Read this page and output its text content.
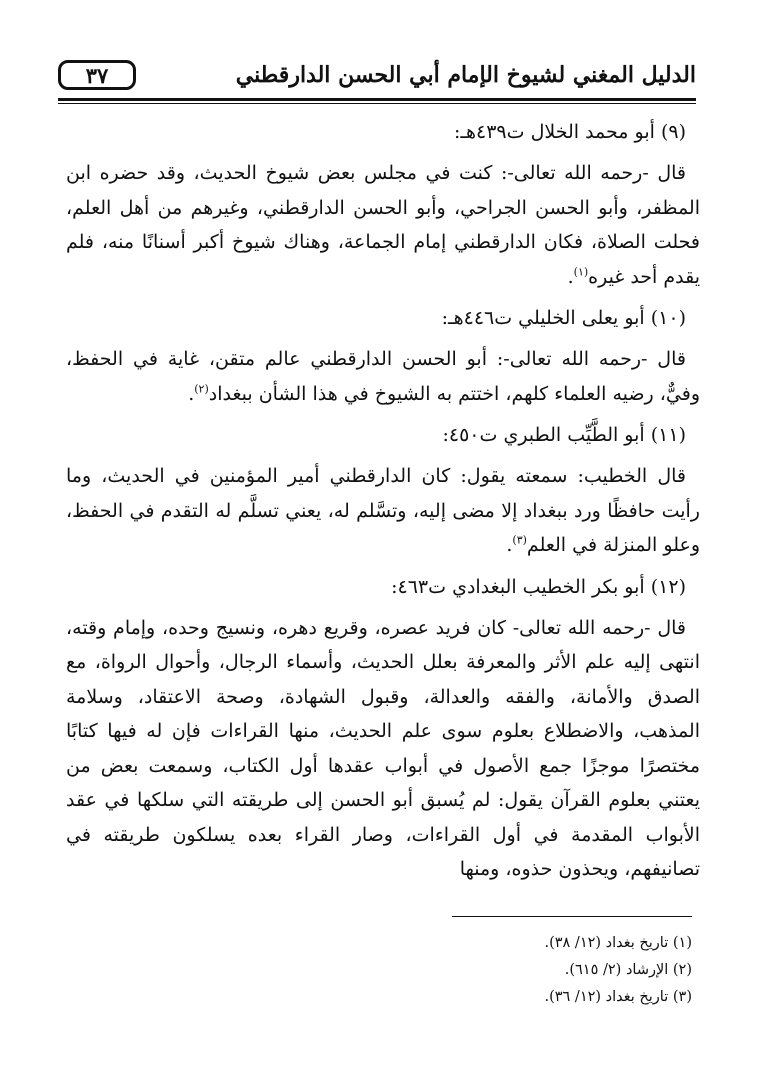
الدليل المغني لشيوخ الإمام أبي الحسن الدارقطني
٣٧
(٩) أبو محمد الخلال ت٤٣٩هـ:
قال -رحمه الله تعالى-: كنت في مجلس بعض شيوخ الحديث، وقد حضره ابن المظفر، وأبو الحسن الجراحي، وأبو الحسن الدارقطني، وغيرهم من أهل العلم، فحلت الصلاة، فكان الدارقطني إمام الجماعة، وهناك شيوخ أكبر أسنانًا منه، فلم يقدم أحد غيره$^{(١)}$.
(١٠) أبو يعلى الخليلي ت٤٤٦هـ:
قال -رحمه الله تعالى-: أبو الحسن الدارقطني عالم متقن، غاية في الحفظ، وفيٌّ، رضيه العلماء كلهم، اختتم به الشيوخ في هذا الشأن ببغداد$^{(٢)}$.
(١١) أبو الطَّيِّب الطبري ت٤٥٠:
قال الخطيب: سمعته يقول: كان الدارقطني أمير المؤمنين في الحديث، وما رأيت حافظًا ورد ببغداد إلا مضى إليه، وتسَّلم له، يعني تسلَّم له التقدم في الحفظ، وعلو المنزلة في العلم$^{(٣)}$.
(١٢) أبو بكر الخطيب البغدادي ت٤٦٣:
قال -رحمه الله تعالى- كان فريد عصره، وقريع دهره، ونسيج وحده، وإمام وقته، انتهى إليه علم الأثر والمعرفة بعلل الحديث، وأسماء الرجال، وأحوال الرواة، مع الصدق والأمانة، والفقه والعدالة، وقبول الشهادة، وصحة الاعتقاد، وسلامة المذهب، والاضطلاع بعلوم سوى علم الحديث، منها القراءات فإن له فيها كتابًا مختصرًا موجزًا جمع الأصول في أبواب عقدها أول الكتاب، وسمعت بعض من يعتني بعلوم القرآن يقول: لم يُسبق أبو الحسن إلى طريقته التي سلكها في عقد الأبواب المقدمة في أول القراءات، وصار القراء بعده يسلكون طريقته في تصانيفهم، ويحذون حذوه، ومنها
(١) تاريخ بغداد (١٢/ ٣٨).
(٢) الإرشاد (٢/ ٦١٥).
(٣) تاريخ بغداد (١٢/ ٣٦).
